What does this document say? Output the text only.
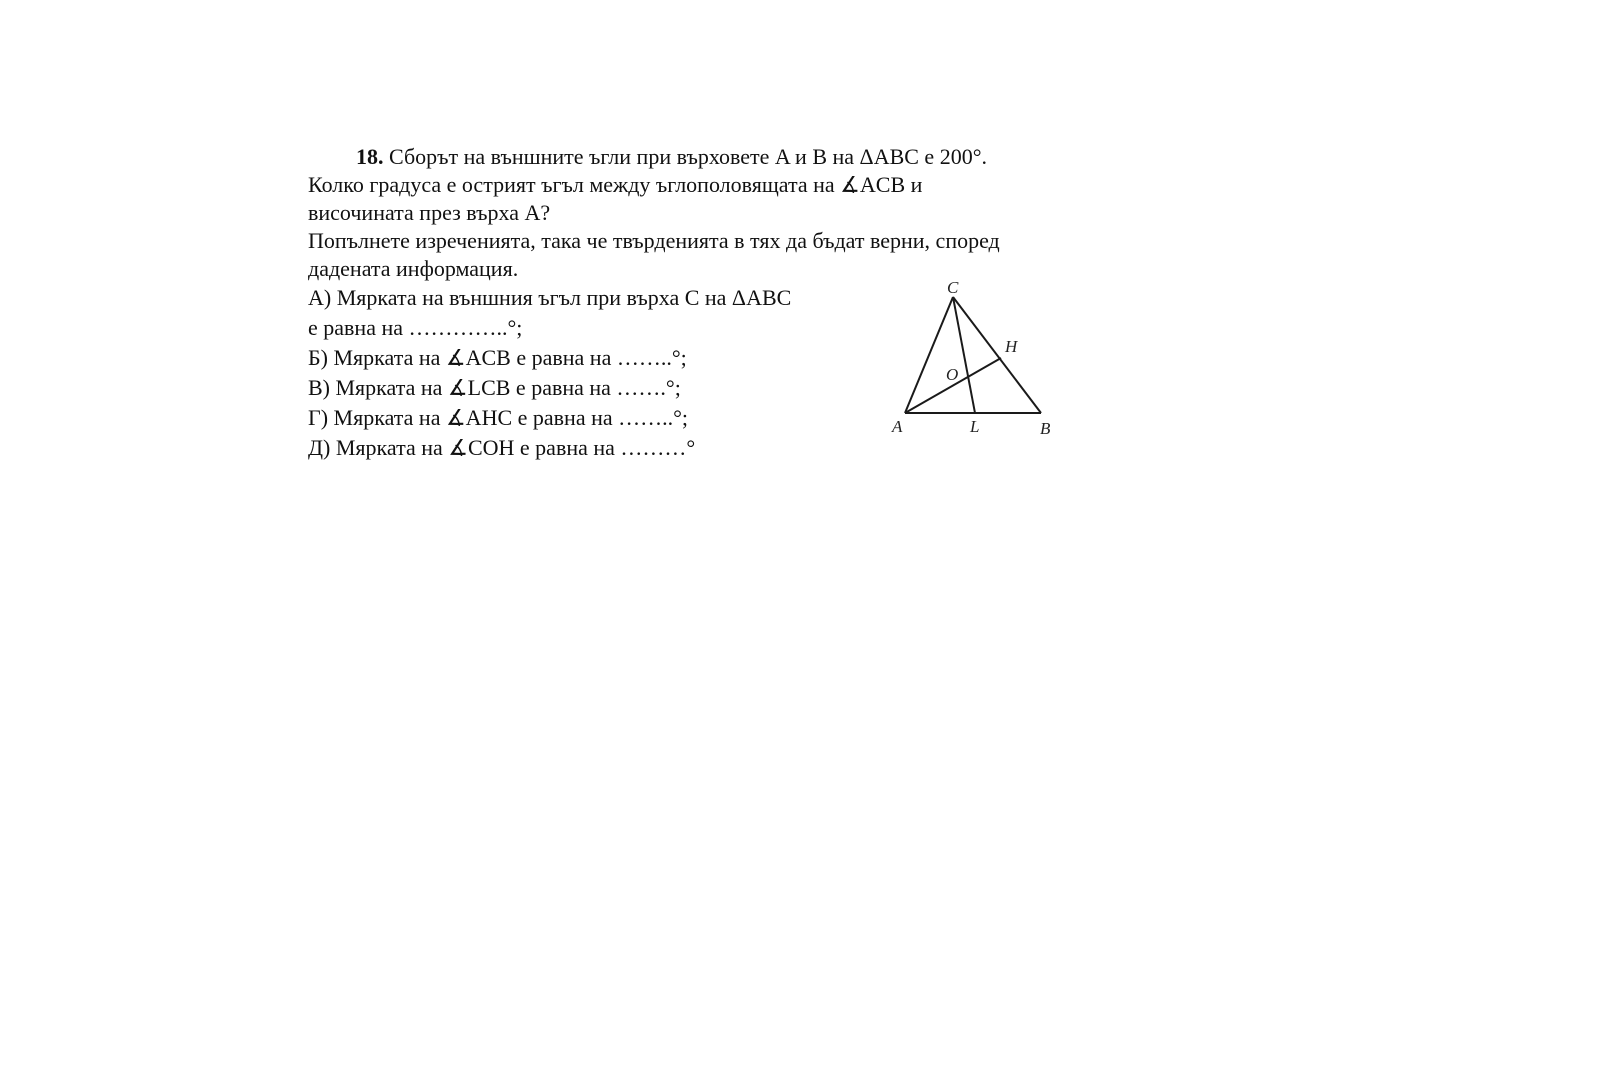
18. Сборът на външните ъгли при върховете A и B на ΔABC е 200°.
Колко градуса е острият ъгъл между ъглополовящата на ∡ACB и
височината през върха A?
Попълнете изреченията, така че твърденията в тях да бъдат верни, според
дадената информация.
А) Мярката на външния ъгъл при върха C на ΔABC
е равна на …………..°;
Б) Мярката на ∡ACB е равна на ……..°;
В) Мярката на ∡LCB е равна на …….°;
Г) Мярката на ∡AHC е равна на ……..°;
Д) Мярката на ∡COH е равна на ………°
C
H
O
A	L	B
